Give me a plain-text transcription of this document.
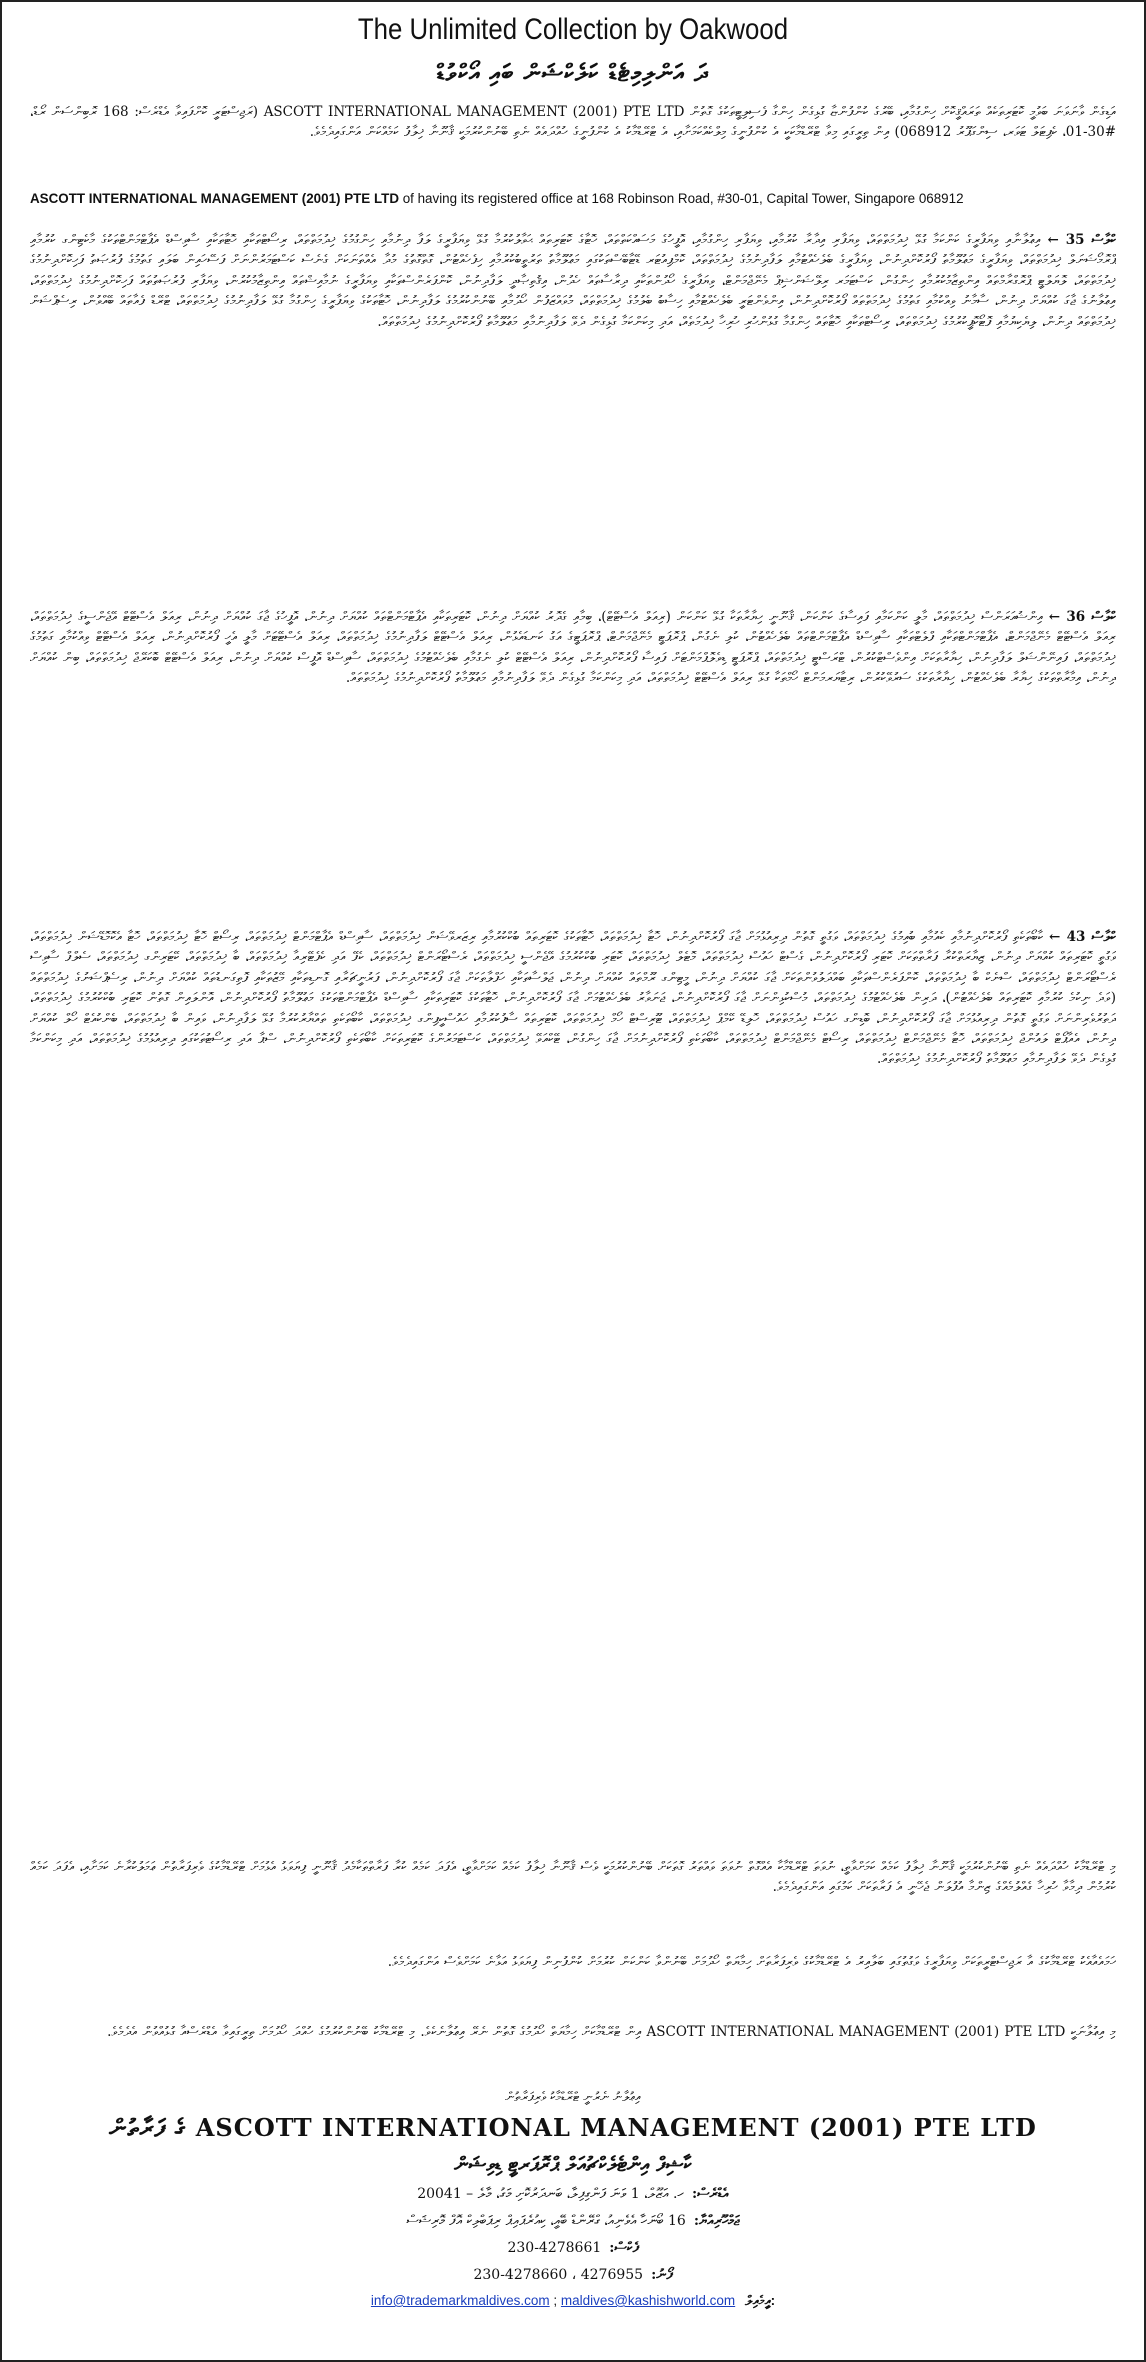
The Unlimited Collection by Oakwood
ދަ އަންލިމިޓެޑް ކަލެކްޝަން ބައި އޯކްވުޑް
އަޑިގެން ވާނަވަނަ ބަވުމީ ކޮޓަރިތަކެއް ތަރައްޤީކޮށް ހިންގުމާއި، ބޭރުގެ ކުންފުންޏާ ގުޅިގެން ހިންގާ ފެސިލިޓީތަކުގެ ގޮތުން ASCOTT INTERNATIONAL MANAGEMENT (2001) PTE LTD (ރަޖިސްޓަރީ ކޮށްފައިވާ އެޑްރެސް: 168 ރޮބިންސަން ރޯޑް، #30-01، ކެޕިޓަލް ޓަވަރ، ސިންގަޕޫރު 068912) އިން ތިރީގައި މިވާ ޓްރޭޑްމާކަކީ އެ ކުންފުނީގެ މިލްކެއްކަމަށާއި، އެ ޓްރޭޑްމާކު އެ ކުންފުނީގެ ހުއްދައެއް ނެތި ބޭނުންކުރުމަކީ ޤާނޫނާ ޚިލާފު ކަމެއްކަން އަންގައިދެމެވެ.
ASCOTT INTERNATIONAL MANAGEMENT (2001) PTE LTD of having its registered office at 168 Robinson Road, #30-01, Capital Tower, Singapore 068912
ކްލާސް 35 ← އިޢުލާނާއި ވިޔަފާރީގެ ކަންކަމާ ގުޅޭ ޚިދުމަތްތައް، ވިޔަފާރި އިދާރާ ކުރުމާއި، ވިޔަފާރި ހިންގުމާއި، އޮފީހުގެ މަސައްކަތްތައް، ހޮޓާގެ ކޮޓަރިތައް ޙަވާލުކުރުމާ ގުޅޭ ވިޔަފާރީގެ ލަފާ ދިނުމާއި ހިންގުމުގެ ޚިދުމަތްތައް، ރިސޯޓްތަކާއި ހޮޓާތަކާއި ސާވިސްޑް އެޕާޓްމަންޓްތަކުގެ މާކެޓިންގ ކުރުމާއި ޕްރޮމޯޝަނަލް ޚިދުމަތްތައް، ވިޔަފާރީގެ މަޢުލޫމާތު ފޯރުކޮށްދިނުން، ވިޔަފާރީގެ ބެލެހެއްޓުމާއި ލަފާދިނުމުގެ ޚިދުމަތްތައް، ކޮމްޕިއުޓަރ ޑޭޓާބޭސްތަކުގައި މަޢުލޫމާތު ތަރުތީބުކުރުމާއި ހިފެހެއްޓުން، ގޮތްގޮތުގެ މުދާ އެއްތަނަކަށް ގެނެސް ކަސްޓަމަރުންނަށް ފަސޭހައިން ބަލައި ގަތުމުގެ ފުރުޞަތު ފަހިކޮށްދިނުމުގެ ޚިދުމަތްތައް، ލޮޔަލްޓީ ޕްރޮގްރާމްތައް އިންތިޒާމުކުރުމާއި ހިންގުން، ކަސްޓަމަރ ރިލޭޝަންޝިޕް މެނޭޖްމަންޓް، ވިޔަފާރީގެ ހޯދުންތަކާއި ދިރާސާތައް ހެދުން، އިޤުތިޞާދީ ލަފާދިނުން، ކޮންފަރެންސްތަކާއި ވިޔަފާރީގެ ނުމާއިޝްތައް އިންތިޒާމުކުރުން، ވިޔަފާރި ފުރުޞަތުތައް ފަހިކޮށްދިނުމުގެ ޚިދުމަތްތައް، އިޢުލާނުގެ ޖާގަ ކުއްޔަށް ދިނުން، ސާމާނު ވިއްކުމާއި ގަތުމުގެ ޚިދުމަތްތައް ފޯރުކޮށްދިނުން، އިންވެންޓަރީ ބެލެހެއްޓުމާއި ހިސާބު ބެލުމުގެ ޚިދުމަތްތައް، މުވައްޒަފުން ހޯދުމާއި ބޭނުންކުރުމުގެ ލަފާދިނުން، ހޮޓާތަކުގެ ވިޔަފާރީގެ ހިންގުމާ ގުޅޭ ލަފާދިނުމުގެ ޚިދުމަތްތައް، ޓްރޭޑް ފެއާތައް ބޭއްވުން، ރިސެޕްޝަން ޚިދުމަތްތައް ދިނުން، ލިޔެކިޔުމާއި ފޮޓޯކޮޕީކުރުމުގެ ޚިދުމަތްތައް، ރިސޯޓްތަކާއި ހޮޓާތައް ހިންގުމާ ގުޅުންހުރި ހުރިހާ ޚިދުމަތެއް، އަދި މިކަންކަމާ ގުޅިގެން ދެވޭ ލަފާދިނުމާއި މަޢުލޫމާތު ފޯރުކޮށްދިނުމުގެ ޚިދުމަތްތައް.
ކްލާސް 36 ← އިންޝުއަރަންސް ޚިދުމަތްތައް، މާލީ ކަންކަމާއި ފައިސާގެ ކަންކަން، ޤާނޫނީ ހިޔާރާތަކާ ގުޅޭ ކަންކަން (ރިއަލް އެސްޓޭޓް)، ބިމާއި ގެދޮރު ކުއްޔަށް ދިނުން، ކޮޓަރިތަކާއި އެޕާޓްމަންޓްތައް ކުއްޔަށް ދިނުން، އޮފީހުގެ ޖާގަ ކުއްޔަށް ދިނުން، ރިއަލް އެސްޓޭޓް އޭޖެންސީގެ ޚިދުމަތްތައް، ރިއަލް އެސްޓޭޓް މެނޭޖްމަންޓް، އެޕާޓްމަންޓްތަކާއި ފްލެޓްތަކާއި ސާވިސްޑް އެޕާޓްމަންޓްތައް ބެލެހެއްޓުން، ކުލި ނެގުން، ޕްރޮޕަޓީ މެނޭޖްމަންޓް، ޕްރޮޕަޓީގެ އަގު ކަނޑައެޅުން، ރިއަލް އެސްޓޭޓް ލަފާދިނުމުގެ ޚިދުމަތްތައް، ރިއަލް އެސްޓޭޓަށް މާލީ އެހީ ފޯރުކޮށްދިނުން، ރިއަލް އެސްޓޭޓް ވިއްކުމާއި ގަތުމުގެ ޚިދުމަތްތައް، ފައިނޭންޝަލް ލަފާދިނުން، ހިޔާރާތަކަށް އިންވެސްޓްކުރުން، ޓްރަސްޓީ ޚިދުމަތްތައް، ޕްރޮޕަޓީ ޑިވެލޮޕްމަންޓަށް ފައިސާ ފޯރުކޮށްދިނުން، ރިއަލް އެސްޓޭޓް ކުލި ނެގުމާއި ބެލެހެއްޓުމުގެ ޚިދުމަތްތައް، ސާވިސްޑް އޮފީސް ކުއްޔަށް ދިނުން، ރިއަލް އެސްޓޭޓް ބޮކަރޭޖް ޚިދުމަތްތައް، ބިން ކުއްޔަށް ދިނުން، އިމާރާތްތަކުގެ ހިޔާރާ ބެލެހެއްޓުން، ހިޔާރާތަކުގެ ސަރުވޭކުރުން، ރިޓާޔަރމަންޓް ހޯމްތަކާ ގުޅޭ ރިއަލް އެސްޓޭޓް ޚިދުމަތްތައް، އަދި މިކަންކަމާ ގުޅިގެން ދެވޭ ލަފާދިނުމާއި މަޢުލޫމާތު ފޯރުކޮށްދިނުމުގެ ޚިދުމަތްތައް.
ކްލާސް 43 ← ކާބޯތަކެތި ފޯރުކޮށްދިނުމާއި ކެއުމާއި ބުއިމުގެ ޚިދުމަތްތައް، ވަގުތީ ގޮތުން ދިރިއުޅުމަށް ޖާގަ ފޯރުކޮށްދިނުން، ހޮޓާ ޚިދުމަތްތައް، ހޮޓާތަކުގެ ކޮޓަރިތައް ބުކްކުރުމާއި ރިޒަރވޭޝަން ޚިދުމަތްތައް، ސާވިސްޑް އެޕާޓްމަންޓް ޚިދުމަތްތައް، ރިސޯޓް ހޮޓާ ޚިދުމަތްތައް، ހޮޓާ އެކޮމޮޑޭޝަން ޚިދުމަތްތައް، ވަގުތީ ކޮޓަރިތައް ކުއްޔަށް ދިނުން، ޒިޔާރަތްކުރާ ފަރާތްތަކަށް ކޮޓަރި ފޯރުކޮށްދިނުން، ގެސްޓް ހައުސް ޚިދުމަތްތައް، މޮޓެލް ޚިދުމަތްތައް، ކޮޓަރި ބުކްކުރުމުގެ އޭޖެންސީ ޚިދުމަތްތައް، ރެސްޓޯރަންޓް ޚިދުމަތްތައް، ކެފޭ އަދި ކެފެޓޭރިއާ ޚިދުމަތްތައް، ބާ ޚިދުމަތްތައް، ކޭޓަރިންގ ޚިދުމަތްތައް، ސެލްފް ސާވިސް ރެސްޓޯރަންޓް ޚިދުމަތްތައް، ސްނެކް ބާ ޚިދުމަތްތައް، ކޮންފަރެންސްތަކާއި ބައްދަލުވުންތަކަށް ޖާގަ ކުއްޔަށް ދިނުން، މީޓިންގ ރޫމްތައް ކުއްޔަށް ދިނުން، ޖަލްސާތަކާއި ހަފްލާތަކަށް ޖާގަ ފޯރުކޮށްދިނުން، ފަރުނީޗަރާއި ގޮނޑިތަކާއި މޭޒުތަކާއި ފޮތިގަނޑުތައް ކުއްޔަށް ދިނުން، ރިސެޕްޝަނުގެ ޚިދުމަތްތައް (ވަދެ ނިކުމެ ކުރުމާއި ކޮޓަރިތައް ބެލެހެއްޓުން)، ދަރިން ބެލެހެއްޓުމުގެ ޚިދުމަތްތައް، މުސްކުޅިންނަށް ޖާގަ ފޯރުކޮށްދިނުން، ޖަނަވާރު ބެލެހެއްޓުމަށް ޖާގަ ފޯރުކޮށްދިނުން، ހޮޓާތަކުގެ ކޮޓަރިތަކާއި ސާވިސްޑް އެޕާޓްމަންޓްތަކުގެ މަޢުލޫމާތު ފޯރުކޮށްދިނުން، އޮންލައިން ގޮތުން ކޮޓަރި ބުކްކުރުމުގެ ޚިދުމަތްތައް، ދަތުރުވެރިންނަށް ވަގުތީ ގޮތުން ދިރިއުޅުމަށް ޖާގަ ފޯރުކޮށްދިނުން، ބޮޑިންގ ހައުސް ޚިދުމަތްތައް، ހޮލިޑޭ ކޭމްޕް ޚިދުމަތްތައް، ޓޫރިސްޓް ހޯމް ޚިދުމަތްތައް، ކޮޓަރިތައް ސާފުކުރުމާއި ހައުސްކީޕިންގ ޚިދުމަތްތައް، ކާބޯތަކެތި ތައްޔާރުކުރުމާ ގުޅޭ ލަފާދިނުން، ވައިން ބާ ޚިދުމަތްތައް، ބެންކުއެޓް ހޯލް ކުއްޔަށް ދިނުން، އެއާޕޯޓް ލައުންޖް ޚިދުމަތްތައް، ހޮޓާ މެނޭޖްމަންޓް ޚިދުމަތްތައް، ރިސޯޓް މެނޭޖްމަންޓް ޚިދުމަތްތައް، ކާބޯތަކެތި ފޯރުކޮށްދިނުމަށް ޖާގަ ހިންގުން، ޓޭކްއަވޭ ޚިދުމަތްތައް، ކަސްޓަމަރުންގެ ކޮޓަރިތަކަށް ކާބޯތަކެތި ފޯރުކޮށްދިނުން، ސްޕާ އަދި ރިސޯޓުތަކުގައި ދިރިއުޅުމުގެ ޚިދުމަތްތައް، އަދި މިކަންކަމާ ގުޅިގެން ދެވޭ ލަފާދިނުމާއި މަޢުލޫމާތު ފޯރުކޮށްދިނުމުގެ ޚިދުމަތްތައް.
މި ޓްރޭޑްމާކު ހުއްދައެއް ނެތި ބޭނުންކުރުމަކީ ޤާނޫނާ ޚިލާފު ކަމެއް ކަމަށްވާތީ، ނުވަތަ ޓްރޭޑްމާކާ އެއްގޮތް ނުވަތަ ވައްތަރު ގޮތަކަށް ބޭނުންކުރުމަކީ ވެސް ޤާނޫނާ ޚިލާފު ކަމެއް ކަމަށްވާތީ، އެފަދަ ކަމެއް ކުރާ ފަރާތްތަކާމެދު ޤާނޫނީ ފިޔަވަޅު އެޅުމަށް ޓްރޭޑްމާކުގެ ވެރިފަރާތުން ޢަމަލުކުރާނެ ކަމަށާއި، އެފަދަ ކަމެއް ކުރުމުން ދިމާވާ ހުރިހާ ގެއްލުމެއްގެ ޒިންމާ އުފުލަން ޖެހޭނީ އެ ފަރާތަކަށް ކަމުގައި އަންގައިދެމެވެ.
ހަމައެއާއެކު ޓްރޭޑްމާކުގެ އާ ރަޖިސްޓްރީތަކަށް ވިޔަފާރީގެ ވަގުތުގައި ބަލާއިރު އެ ޓްރޭޑްމާކުގެ ވެރިފަރާތަށް ހިމާޔަތް ހޯދުމަށް ބޭނުންވާ ކަންކަން ކުރުމަށް ކުންފުނިން ފިޔަވަޅު އަޅާނެ ކަމަށްވެސް އަންގައިދެމެވެ.
މި އިޢުލާނަކީ ASCOTT INTERNATIONAL MANAGEMENT (2001) PTE LTD އިން ޓްރޭޑްމާކަށް ހިމާޔަތް ހޯދުމުގެ ގޮތުން ނެރޭ އިޢުލާނެކެވެ. މި ޓްރޭޑްމާކު ބޭނުންކުރުމުގެ ހުއްދަ ހޯދުމަށް ތިރީގައިވާ އެޑްރެސްއާ ގުޅުއްވުން އެދެމެވެ.
އިޢުލާނު ނެރުނީ ޓްރޭޑްމާކު ވެރިފަރާތުން
ASCOTT INTERNATIONAL MANAGEMENT (2001) PTE LTD ގެ ފަރާތުން
ކާޝިފް އިންޓެލެކްޗުއަލް ޕްރޮޕަރޓީ ޑިވިޝަން
އެޑްރެސް:ހ. އަޒޫލް، 1 ވަނަ ފަންގިފިލާ، ބަނދަރުކޮށި މަގު، މާލެ – 20041
ޖަމްހޫރިއްޔާ:16 ބޯނަހާ އެވެނިއު، ގްރޭންޑް ބޭއީ، ކިއުރެޕައިޕް ރިޕަބްލިކް އޮފް މޮރިޝަސް
ފެކްސް:230-4278661
ފޯނު:230-4278660 ، 4276955
info@trademarkmaldives.com ; maldives@kashishworld.com އީމެއިލް:
